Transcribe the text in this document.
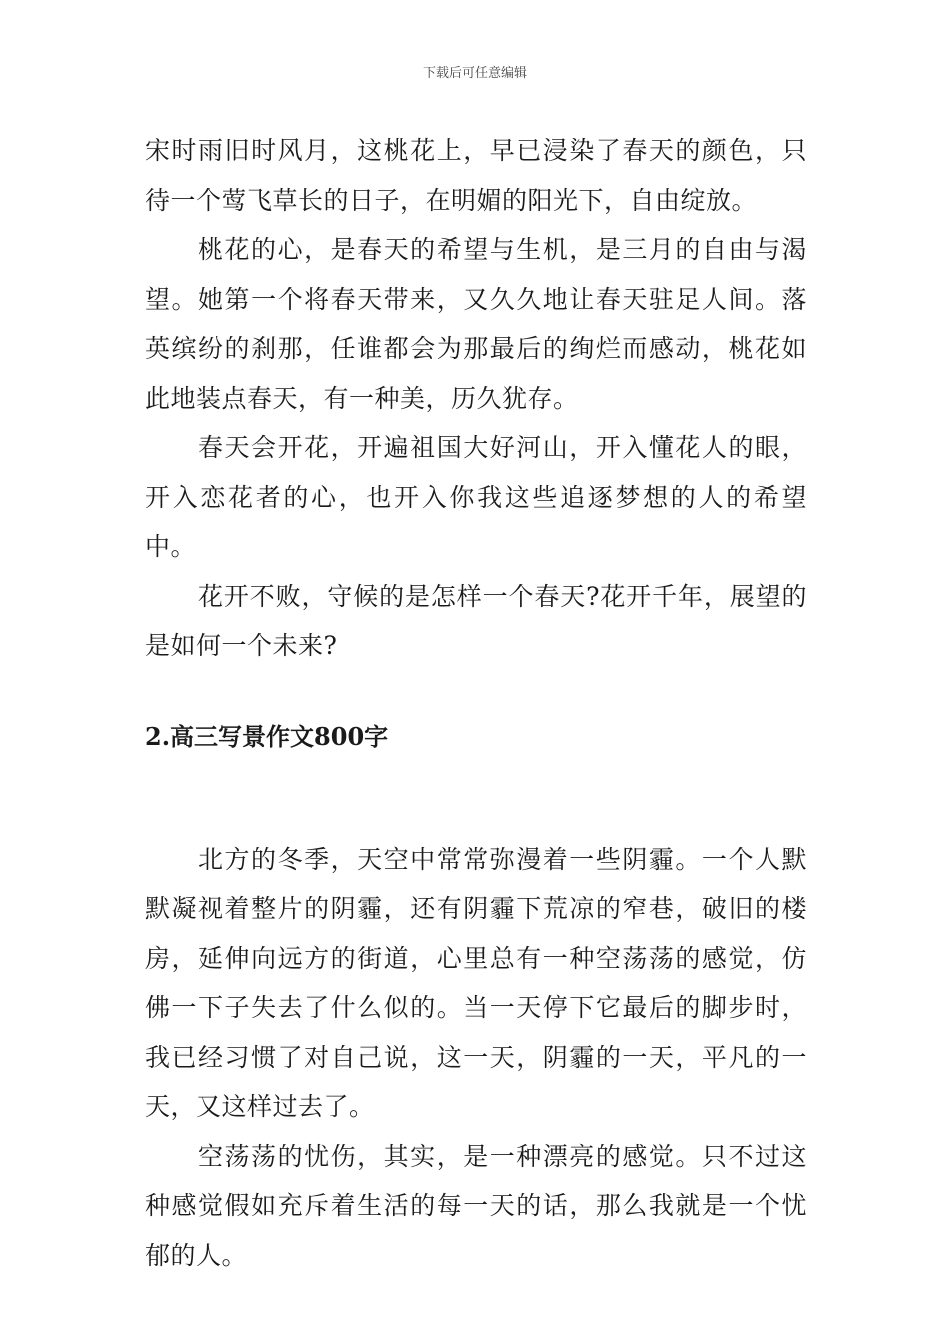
下载后可任意编辑

宋时雨旧时风月，这桃花上，早已浸染了春天的颜色，只待一个莺飞草长的日子，在明媚的阳光下，自由绽放。

桃花的心，是春天的希望与生机，是三月的自由与渴望。她第一个将春天带来，又久久地让春天驻足人间。落英缤纷的刹那，任谁都会为那最后的绚烂而感动，桃花如此地装点春天，有一种美，历久犹存。

春天会开花，开遍祖国大好河山，开入懂花人的眼，开入恋花者的心，也开入你我这些追逐梦想的人的希望中。

花开不败，守候的是怎样一个春天?花开千年，展望的是如何一个未来?

2.高三写景作文800字

北方的冬季，天空中常常弥漫着一些阴霾。一个人默默凝视着整片的阴霾，还有阴霾下荒凉的窄巷，破旧的楼房，延伸向远方的街道，心里总有一种空荡荡的感觉，仿佛一下子失去了什么似的。当一天停下它最后的脚步时，我已经习惯了对自己说，这一天，阴霾的一天，平凡的一天，又这样过去了。

空荡荡的忧伤，其实，是一种漂亮的感觉。只不过这种感觉假如充斥着生活的每一天的话，那么我就是一个忧郁的人。
